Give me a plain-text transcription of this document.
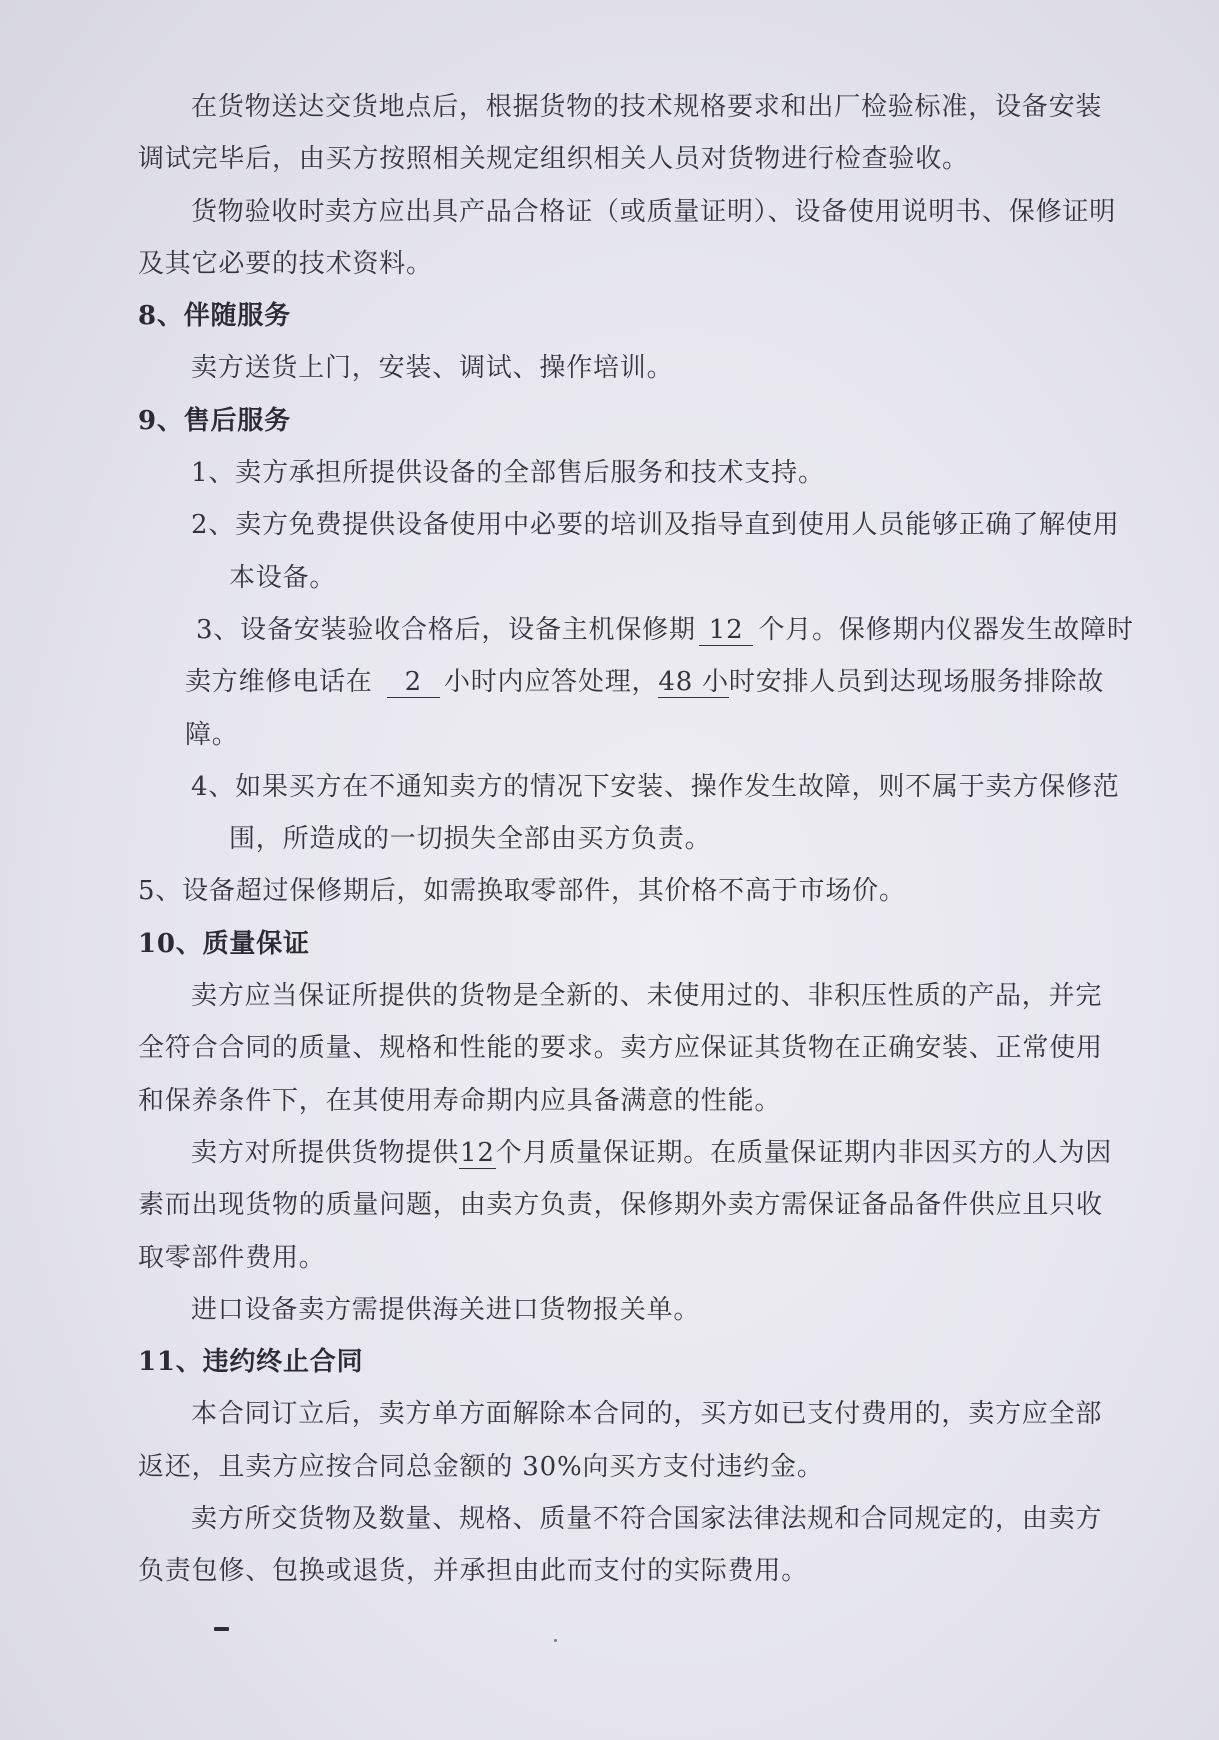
在货物送达交货地点后，根据货物的技术规格要求和出厂检验标准，设备安装
调试完毕后，由买方按照相关规定组织相关人员对货物进行检查验收。
货物验收时卖方应出具产品合格证（或质量证明）、设备使用说明书、保修证明
及其它必要的技术资料。
8、伴随服务
卖方送货上门，安装、调试、操作培训。
9、售后服务
1、卖方承担所提供设备的全部售后服务和技术支持。
2、卖方免费提供设备使用中必要的培训及指导直到使用人员能够正确了解使用
本设备。
3、设备安装验收合格后，设备主机保修期 12 个月。保修期内仪器发生故障时
卖方维修电话在 2 小时内应答处理，48 小时安排人员到达现场服务排除故
障。
4、如果买方在不通知卖方的情况下安装、操作发生故障，则不属于卖方保修范
围，所造成的一切损失全部由买方负责。
5、设备超过保修期后，如需换取零部件，其价格不高于市场价。
10、质量保证
卖方应当保证所提供的货物是全新的、未使用过的、非积压性质的产品，并完
全符合合同的质量、规格和性能的要求。卖方应保证其货物在正确安装、正常使用
和保养条件下，在其使用寿命期内应具备满意的性能。
卖方对所提供货物提供12个月质量保证期。在质量保证期内非因买方的人为因
素而出现货物的质量问题，由卖方负责，保修期外卖方需保证备品备件供应且只收
取零部件费用。
进口设备卖方需提供海关进口货物报关单。
11、违约终止合同
本合同订立后，卖方单方面解除本合同的，买方如已支付费用的，卖方应全部
返还，且卖方应按合同总金额的 30%向买方支付违约金。
卖方所交货物及数量、规格、质量不符合国家法律法规和合同规定的，由卖方
负责包修、包换或退货，并承担由此而支付的实际费用。
